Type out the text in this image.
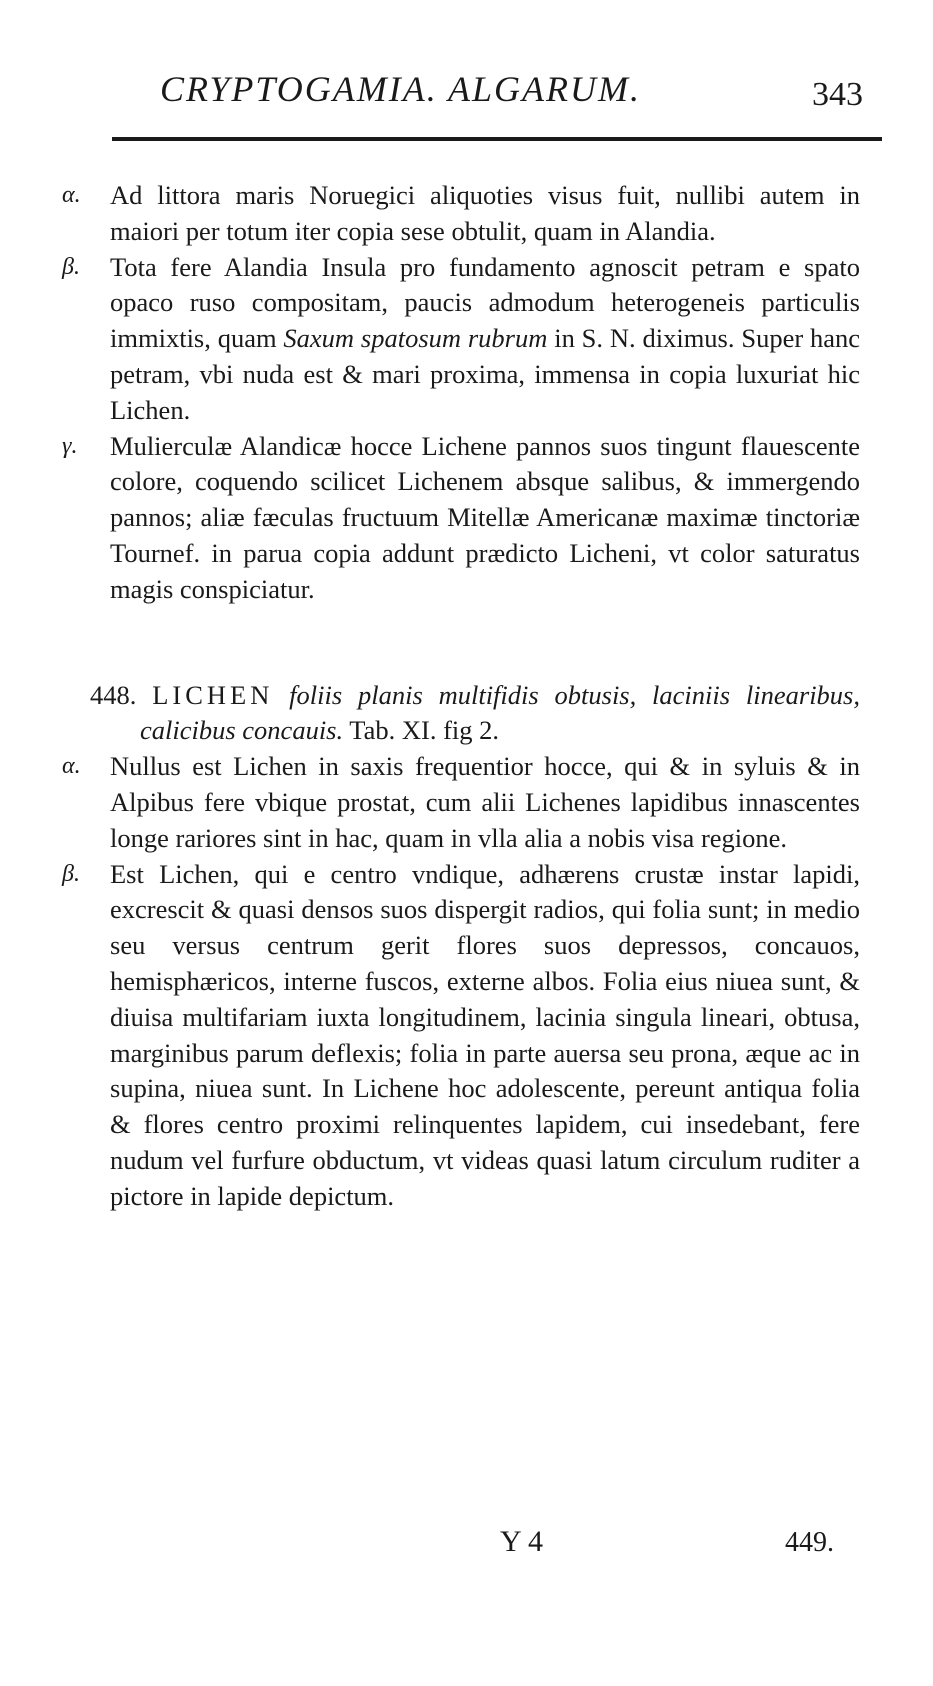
CRYPTOGAMIA. ALGARUM.	343

α. Ad littora maris Noruegici aliquoties visus fuit, nullibi autem in maiori per totum iter copia sese obtulit, quam in Alandia.

β. Tota fere Alandia Insula pro fundamento agnoscit petram e spato opaco ruso compositam, paucis admodum heterogeneis particulis immixtis, quam Saxum spatosum rubrum in S. N. diximus. Super hanc petram, vbi nuda est & mari proxima, immensa in copia luxuriat hic Lichen.

γ. Mulierculæ Alandicæ hocce Lichene pannos suos tingunt flauescente colore, coquendo scilicet Lichenem absque salibus, & immergendo pannos; aliæ fæculas fructuum Mitellæ Americanæ maximæ tinctoriæ Tournef. in parua copia addunt prædicto Licheni, vt color saturatus magis conspiciatur.

448. LICHEN foliis planis multifidis obtusis, laciniis linearibus, calicibus concauis. Tab. XI. fig 2.

α. Nullus est Lichen in saxis frequentior hocce, qui & in syluis & in Alpibus fere vbique prostat, cum alii Lichenes lapidibus innascentes longe rariores sint in hac, quam in vlla alia a nobis visa regione.

β. Est Lichen, qui e centro vndique, adhærens crustæ instar lapidi, excrescit & quasi densos suos dispergit radios, qui folia sunt; in medio seu versus centrum gerit flores suos depressos, concauos, hemisphæricos, interne fuscos, externe albos. Folia eius niuea sunt, & diuisa multifariam iuxta longitudinem, lacinia singula lineari, obtusa, marginibus parum deflexis; folia in parte auersa seu prona, æque ac in supina, niuea sunt. In Lichene hoc adolescente, pereunt antiqua folia & flores centro proximi relinquentes lapidem, cui insedebant, fere nudum vel furfure obductum, vt videas quasi latum circulum ruditer a pictore in lapide depictum.

Y 4	449.
